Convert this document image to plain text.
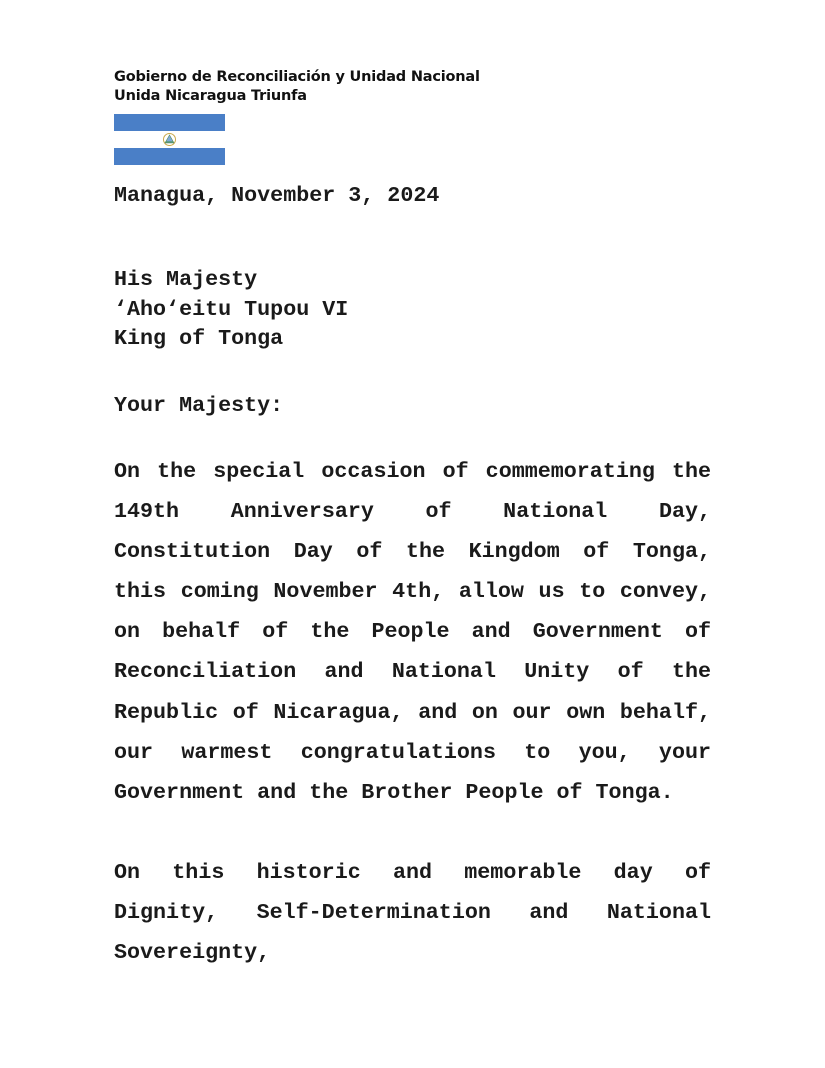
Gobierno de Reconciliación y Unidad Nacional
Unida Nicaragua Triunfa
Managua, November 3, 2024
His Majesty
‘Aho‘eitu Tupou VI
King of Tonga
Your Majesty:

On the special occasion of commemorating the 149th Anniversary of National Day, Constitution Day of the Kingdom of Tonga, this coming November 4th, allow us to convey, on behalf of the People and Government of Reconciliation and National Unity of the Republic of Nicaragua, and on our own behalf, our warmest congratulations to you, your Government and the Brother People of Tonga.

On this historic and memorable day of Dignity, Self-Determination and National Sovereignty,
